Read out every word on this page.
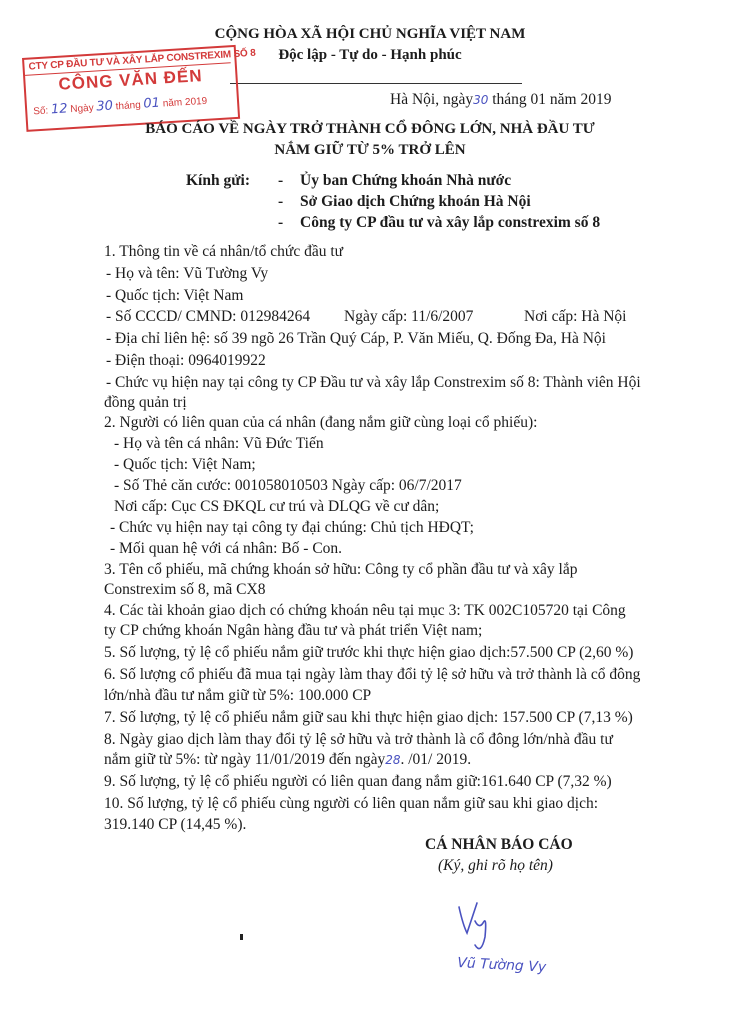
CỘNG HÒA XÃ HỘI CHỦ NGHĨA VIỆT NAM
Độc lập - Tự do - Hạnh phúc
CTY CP ĐẦU TƯ VÀ XÂY LẮP CONSTREXIM SỐ 8
CÔNG VĂN ĐẾN
Số: 12 Ngày 30 tháng 01 năm 2019	Hà Nội, ngày30 tháng 01 năm 2019
BÁO CÁO VỀ NGÀY TRỞ THÀNH CỔ ĐÔNG LỚN, NHÀ ĐẦU TƯ
NẮM GIỮ TỪ 5% TRỞ LÊN
Kính gửi: - Ủy ban Chứng khoán Nhà nước
- Sở Giao dịch Chứng khoán Hà Nội
- Công ty CP đầu tư và xây lắp constrexim số 8
1. Thông tin về cá nhân/tổ chức đầu tư
- Họ và tên: Vũ Tường Vy
- Quốc tịch: Việt Nam
- Số CCCD/ CMND: 012984264 Ngày cấp: 11/6/2007	Nơi cấp: Hà Nội
- Địa chỉ liên hệ: số 39 ngõ 26 Trần Quý Cáp, P. Văn Miếu, Q. Đống Đa, Hà Nội
- Điện thoại: 0964019922
- Chức vụ hiện nay tại công ty CP Đầu tư và xây lắp Constrexim số 8: Thành viên Hội
đồng quản trị
2. Người có liên quan của cá nhân (đang nắm giữ cùng loại cổ phiếu):
- Họ và tên cá nhân: Vũ Đức Tiến
- Quốc tịch: Việt Nam;
- Số Thẻ căn cước: 001058010503 Ngày cấp: 06/7/2017
Nơi cấp: Cục CS ĐKQL cư trú và DLQG về cư dân;
- Chức vụ hiện nay tại công ty đại chúng: Chủ tịch HĐQT;
- Mối quan hệ với cá nhân: Bố - Con.
3. Tên cổ phiếu, mã chứng khoán sở hữu: Công ty cổ phần đầu tư và xây lắp
Constrexim số 8, mã CX8
4. Các tài khoản giao dịch có chứng khoán nêu tại mục 3: TK 002C105720 tại Công
ty CP chứng khoán Ngân hàng đầu tư và phát triển Việt nam;
5. Số lượng, tỷ lệ cổ phiếu nắm giữ trước khi thực hiện giao dịch:57.500 CP (2,60 %)
6. Số lượng cổ phiếu đã mua tại ngày làm thay đổi tỷ lệ sở hữu và trở thành là cổ đông
lớn/nhà đầu tư nắm giữ từ 5%: 100.000 CP
7. Số lượng, tỷ lệ cổ phiếu nắm giữ sau khi thực hiện giao dịch: 157.500 CP (7,13 %)
8. Ngày giao dịch làm thay đổi tỷ lệ sở hữu và trở thành là cổ đông lớn/nhà đầu tư
nắm giữ từ 5%: từ ngày 11/01/2019 đến ngày28. /01/ 2019.
9. Số lượng, tỷ lệ cổ phiếu người có liên quan đang nắm giữ:161.640 CP (7,32 %)
10. Số lượng, tỷ lệ cổ phiếu cùng người có liên quan nắm giữ sau khi giao dịch:
319.140 CP (14,45 %).
CÁ NHÂN BÁO CÁO
(Ký, ghi rõ họ tên)
Vũ Tường Vy
